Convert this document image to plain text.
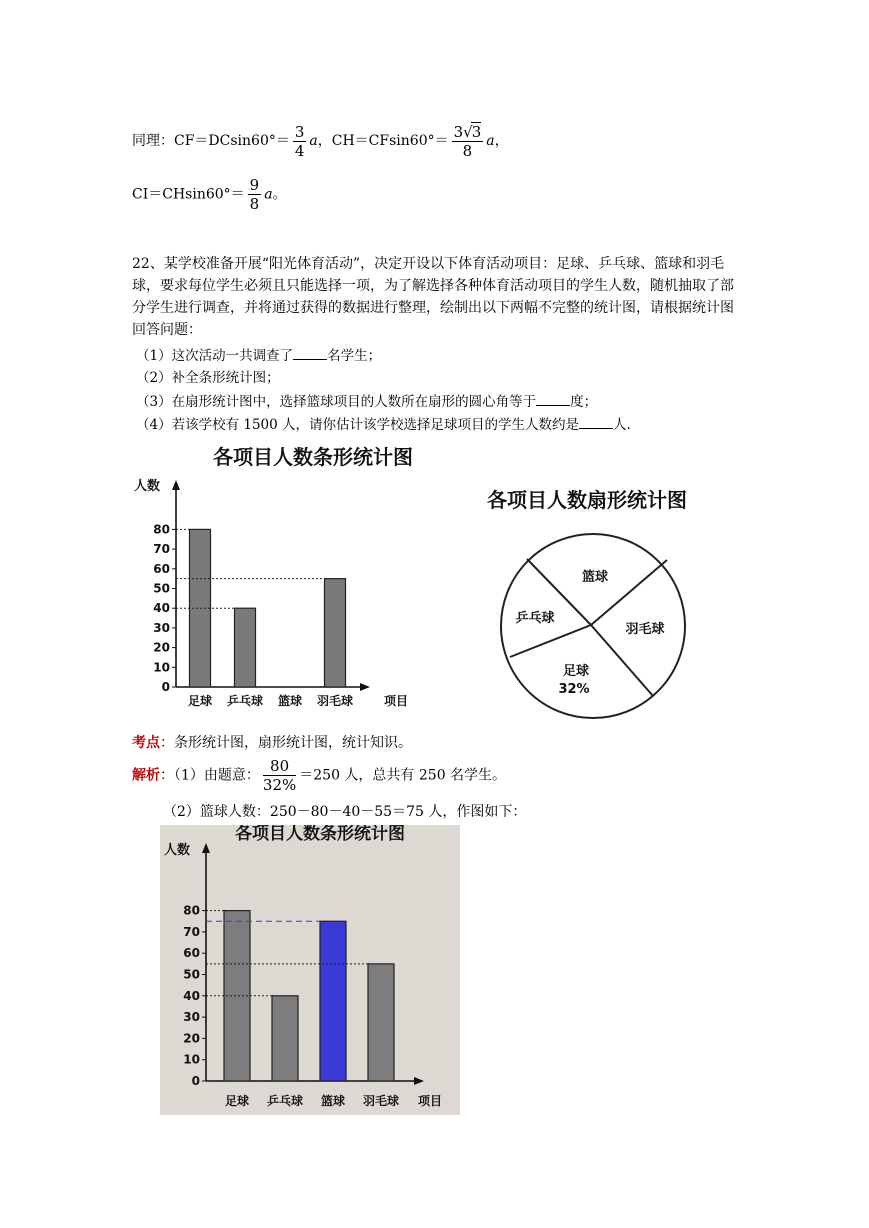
同理：$CF=DCsin60^\circ= \frac{3}{4}$ a，$CH=CFsin60^\circ= \frac{3√3}{8}$ a，
$CI=CHsin60^\circ= \frac{9}{8}$ a。
22、某学校准备开展“阳光体育活动”，决定开设以下体育活动项目：足球、乒乓球、篮球和羽毛球，要求每位学生必须且只能选择一项，为了解选择各种体育活动项目的学生人数，随机抽取了部分学生进行调查，并将通过获得的数据进行整理，绘制出以下两幅不完整的统计图，请根据统计图回答问题：
（1）这次活动一共调查了	名学生；
（2）补全条形统计图；
（3）在扇形统计图中，选择篮球项目的人数所在扇形的圆心角等于	度；
（4）若该学校有 1500 人，请你估计该学校选择足球项目的学生人数约是	人.
各项目人数条形统计图
人数
项目
0
10
20
30
40
50
60
70
80
足球 乒乓球 篮球 羽毛球
各项目人数扇形统计图
篮球
乒乓球
足球
羽毛球
32%
考点：条形统计图，扇形统计图，统计知识。
解析：（1）由题意： $\frac{80}{32\%} =250$ 人，总共有 250 名学生。
（2）篮球人数：250－80－40－55＝75 人，作图如下：
各项目人数条形统计图
人数
项目
0
10
20
30
40
50
60
70
80
足球 乒乓球 篮球 羽毛球
